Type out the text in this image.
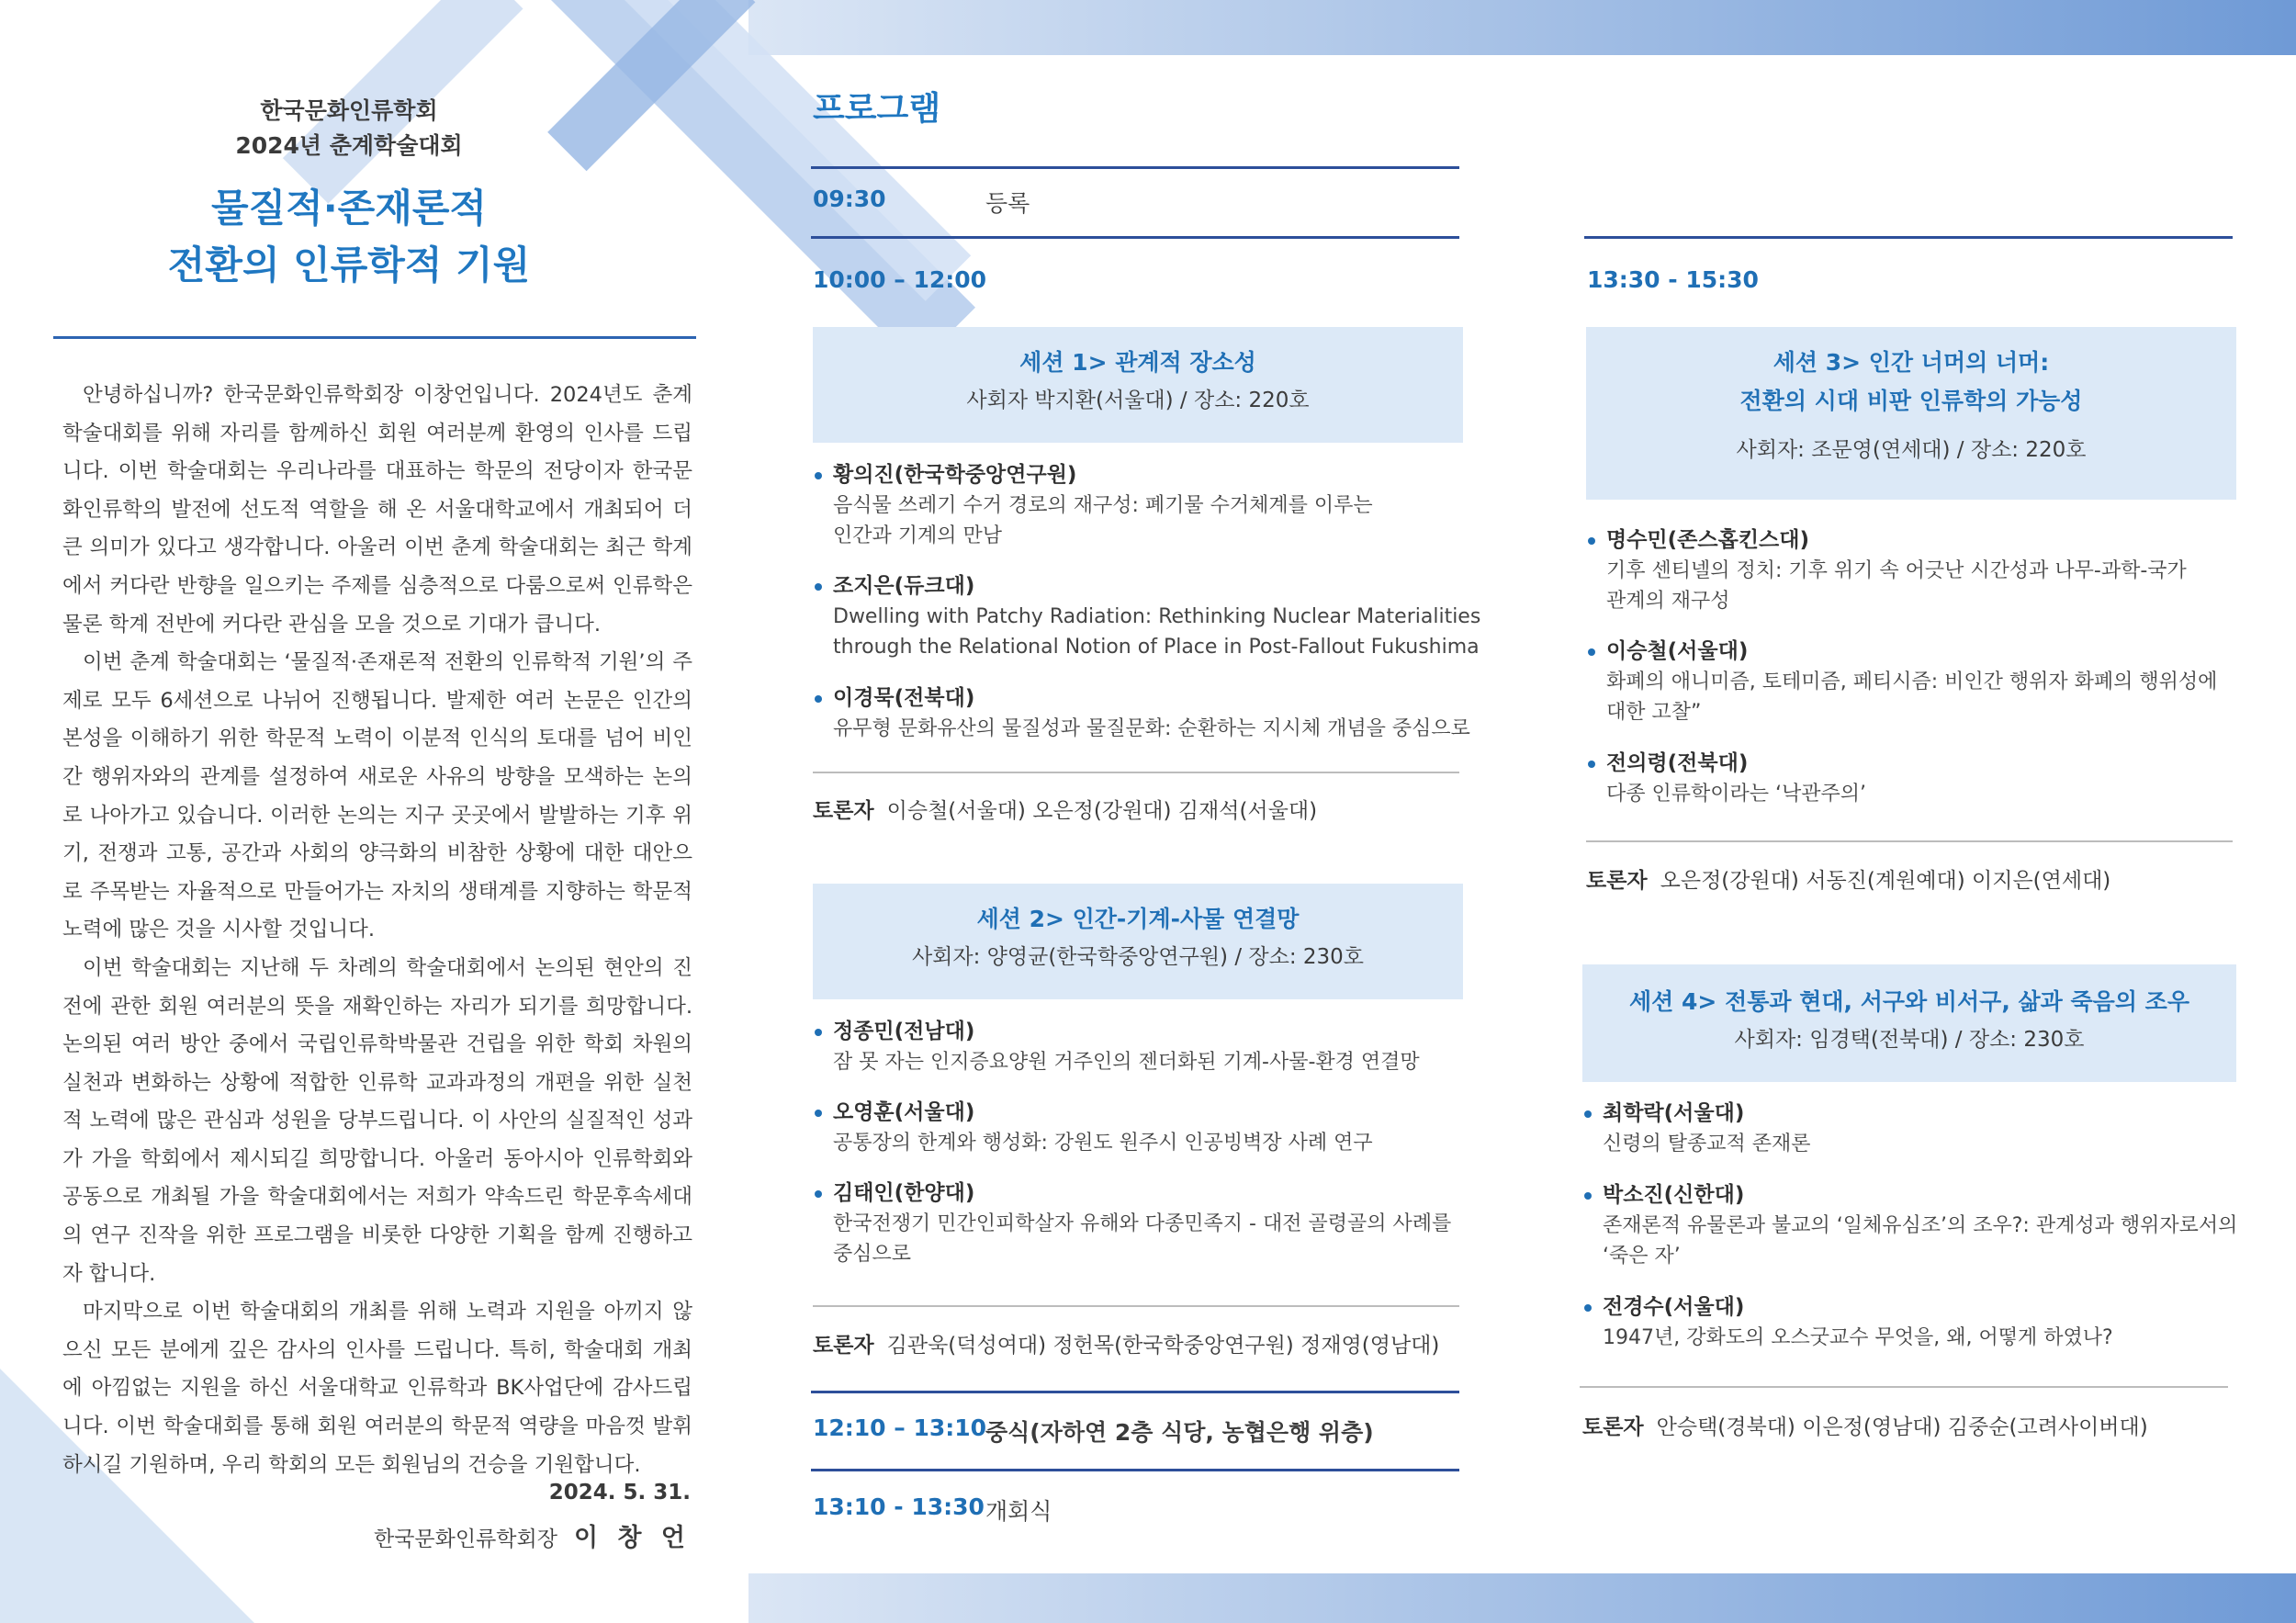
한국문화인류학회
2024년 춘계학술대회
물질적·존재론적
전환의 인류학적 기원

안녕하십니까? 한국문화인류학회장 이창언입니다. 2024년도 춘계 학술대회를 위해 자리를 함께하신 회원 여러분께 환영의 인사를 드립니다. 이번 학술대회는 우리나라를 대표하는 학문의 전당이자 한국문화인류학의 발전에 선도적 역할을 해 온 서울대학교에서 개최되어 더 큰 의미가 있다고 생각합니다. 아울러 이번 춘계 학술대회는 최근 학계에서 커다란 반향을 일으키는 주제를 심층적으로 다룸으로써 인류학은 물론 학계 전반에 커다란 관심을 모을 것으로 기대가 큽니다.

이번 춘계 학술대회는 ‘물질적·존재론적 전환의 인류학적 기원’의 주제로 모두 6세션으로 나뉘어 진행됩니다. 발제한 여러 논문은 인간의 본성을 이해하기 위한 학문적 노력이 이분적 인식의 토대를 넘어 비인간 행위자와의 관계를 설정하여 새로운 사유의 방향을 모색하는 논의로 나아가고 있습니다. 이러한 논의는 지구 곳곳에서 발발하는 기후 위기, 전쟁과 고통, 공간과 사회의 양극화의 비참한 상황에 대한 대안으로 주목받는 자율적으로 만들어가는 자치의 생태계를 지향하는 학문적 노력에 많은 것을 시사할 것입니다.

이번 학술대회는 지난해 두 차례의 학술대회에서 논의된 현안의 진전에 관한 회원 여러분의 뜻을 재확인하는 자리가 되기를 희망합니다. 논의된 여러 방안 중에서 국립인류학박물관 건립을 위한 학회 차원의 실천과 변화하는 상황에 적합한 인류학 교과과정의 개편을 위한 실천적 노력에 많은 관심과 성원을 당부드립니다. 이 사안의 실질적인 성과가 가을 학회에서 제시되길 희망합니다. 아울러 동아시아 인류학회와 공동으로 개최될 가을 학술대회에서는 저희가 약속드린 학문후속세대의 연구 진작을 위한 프로그램을 비롯한 다양한 기획을 함께 진행하고자 합니다.

마지막으로 이번 학술대회의 개최를 위해 노력과 지원을 아끼지 않으신 모든 분에게 깊은 감사의 인사를 드립니다. 특히, 학술대회 개최에 아낌없는 지원을 하신 서울대학교 인류학과 BK사업단에 감사드립니다. 이번 학술대회를 통해 회원 여러분의 학문적 역량을 마음껏 발휘하시길 기원하며, 우리 학회의 모든 회원님의 건승을 기원합니다.

2024. 5. 31.
한국문화인류학회장 이 창 언
프로그램
09:30	등록
10:00 – 12:00
세션 1> 관계적 장소성
사회자 박지환(서울대) / 장소: 220호
황의진(한국학중앙연구원)
음식물 쓰레기 수거 경로의 재구성: 폐기물 수거체계를 이루는
인간과 기계의 만남
조지은(듀크대)
Dwelling with Patchy Radiation: Rethinking Nuclear Materialities
through the Relational Notion of Place in Post-Fallout Fukushima
이경묵(전북대)
유무형 문화유산의 물질성과 물질문화: 순환하는 지시체 개념을 중심으로
토론자 이승철(서울대) 오은정(강원대) 김재석(서울대)
세션 2> 인간-기계-사물 연결망
사회자: 양영균(한국학중앙연구원) / 장소: 230호
정종민(전남대)
잠 못 자는 인지증요양원 거주인의 젠더화된 기계-사물-환경 연결망
오영훈(서울대)
공통장의 한계와 행성화: 강원도 원주시 인공빙벽장 사례 연구
김태인(한양대)
한국전쟁기 민간인피학살자 유해와 다종민족지 - 대전 골령골의 사례를
중심으로
토론자 김관욱(덕성여대) 정헌목(한국학중앙연구원) 정재영(영남대)
12:10 – 13:10
중식(자하연 2층 식당, 농협은행 위층)
13:10 - 13:30 개회식
13:30 - 15:30
세션 3> 인간 너머의 너머:
전환의 시대 비판 인류학의 가능성
사회자: 조문영(연세대) / 장소: 220호
명수민(존스홉킨스대)
기후 센티넬의 정치: 기후 위기 속 어긋난 시간성과 나무-과학-국가
관계의 재구성
이승철(서울대)
화폐의 애니미즘, 토테미즘, 페티시즘: 비인간 행위자 화폐의 행위성에
대한 고찰”
전의령(전북대)
다종 인류학이라는 ‘낙관주의’
토론자 오은정(강원대) 서동진(계원예대) 이지은(연세대)
세션 4> 전통과 현대, 서구와 비서구, 삶과 죽음의 조우
사회자: 임경택(전북대) / 장소: 230호
최학락(서울대)
신령의 탈종교적 존재론
박소진(신한대)
존재론적 유물론과 불교의 ‘일체유심조’의 조우?: 관계성과 행위자로서의
‘죽은 자’
전경수(서울대)
1947년, 강화도의 오스굿교수 무엇을, 왜, 어떻게 하였나?
토론자 안승택(경북대) 이은정(영남대) 김중순(고려사이버대)
